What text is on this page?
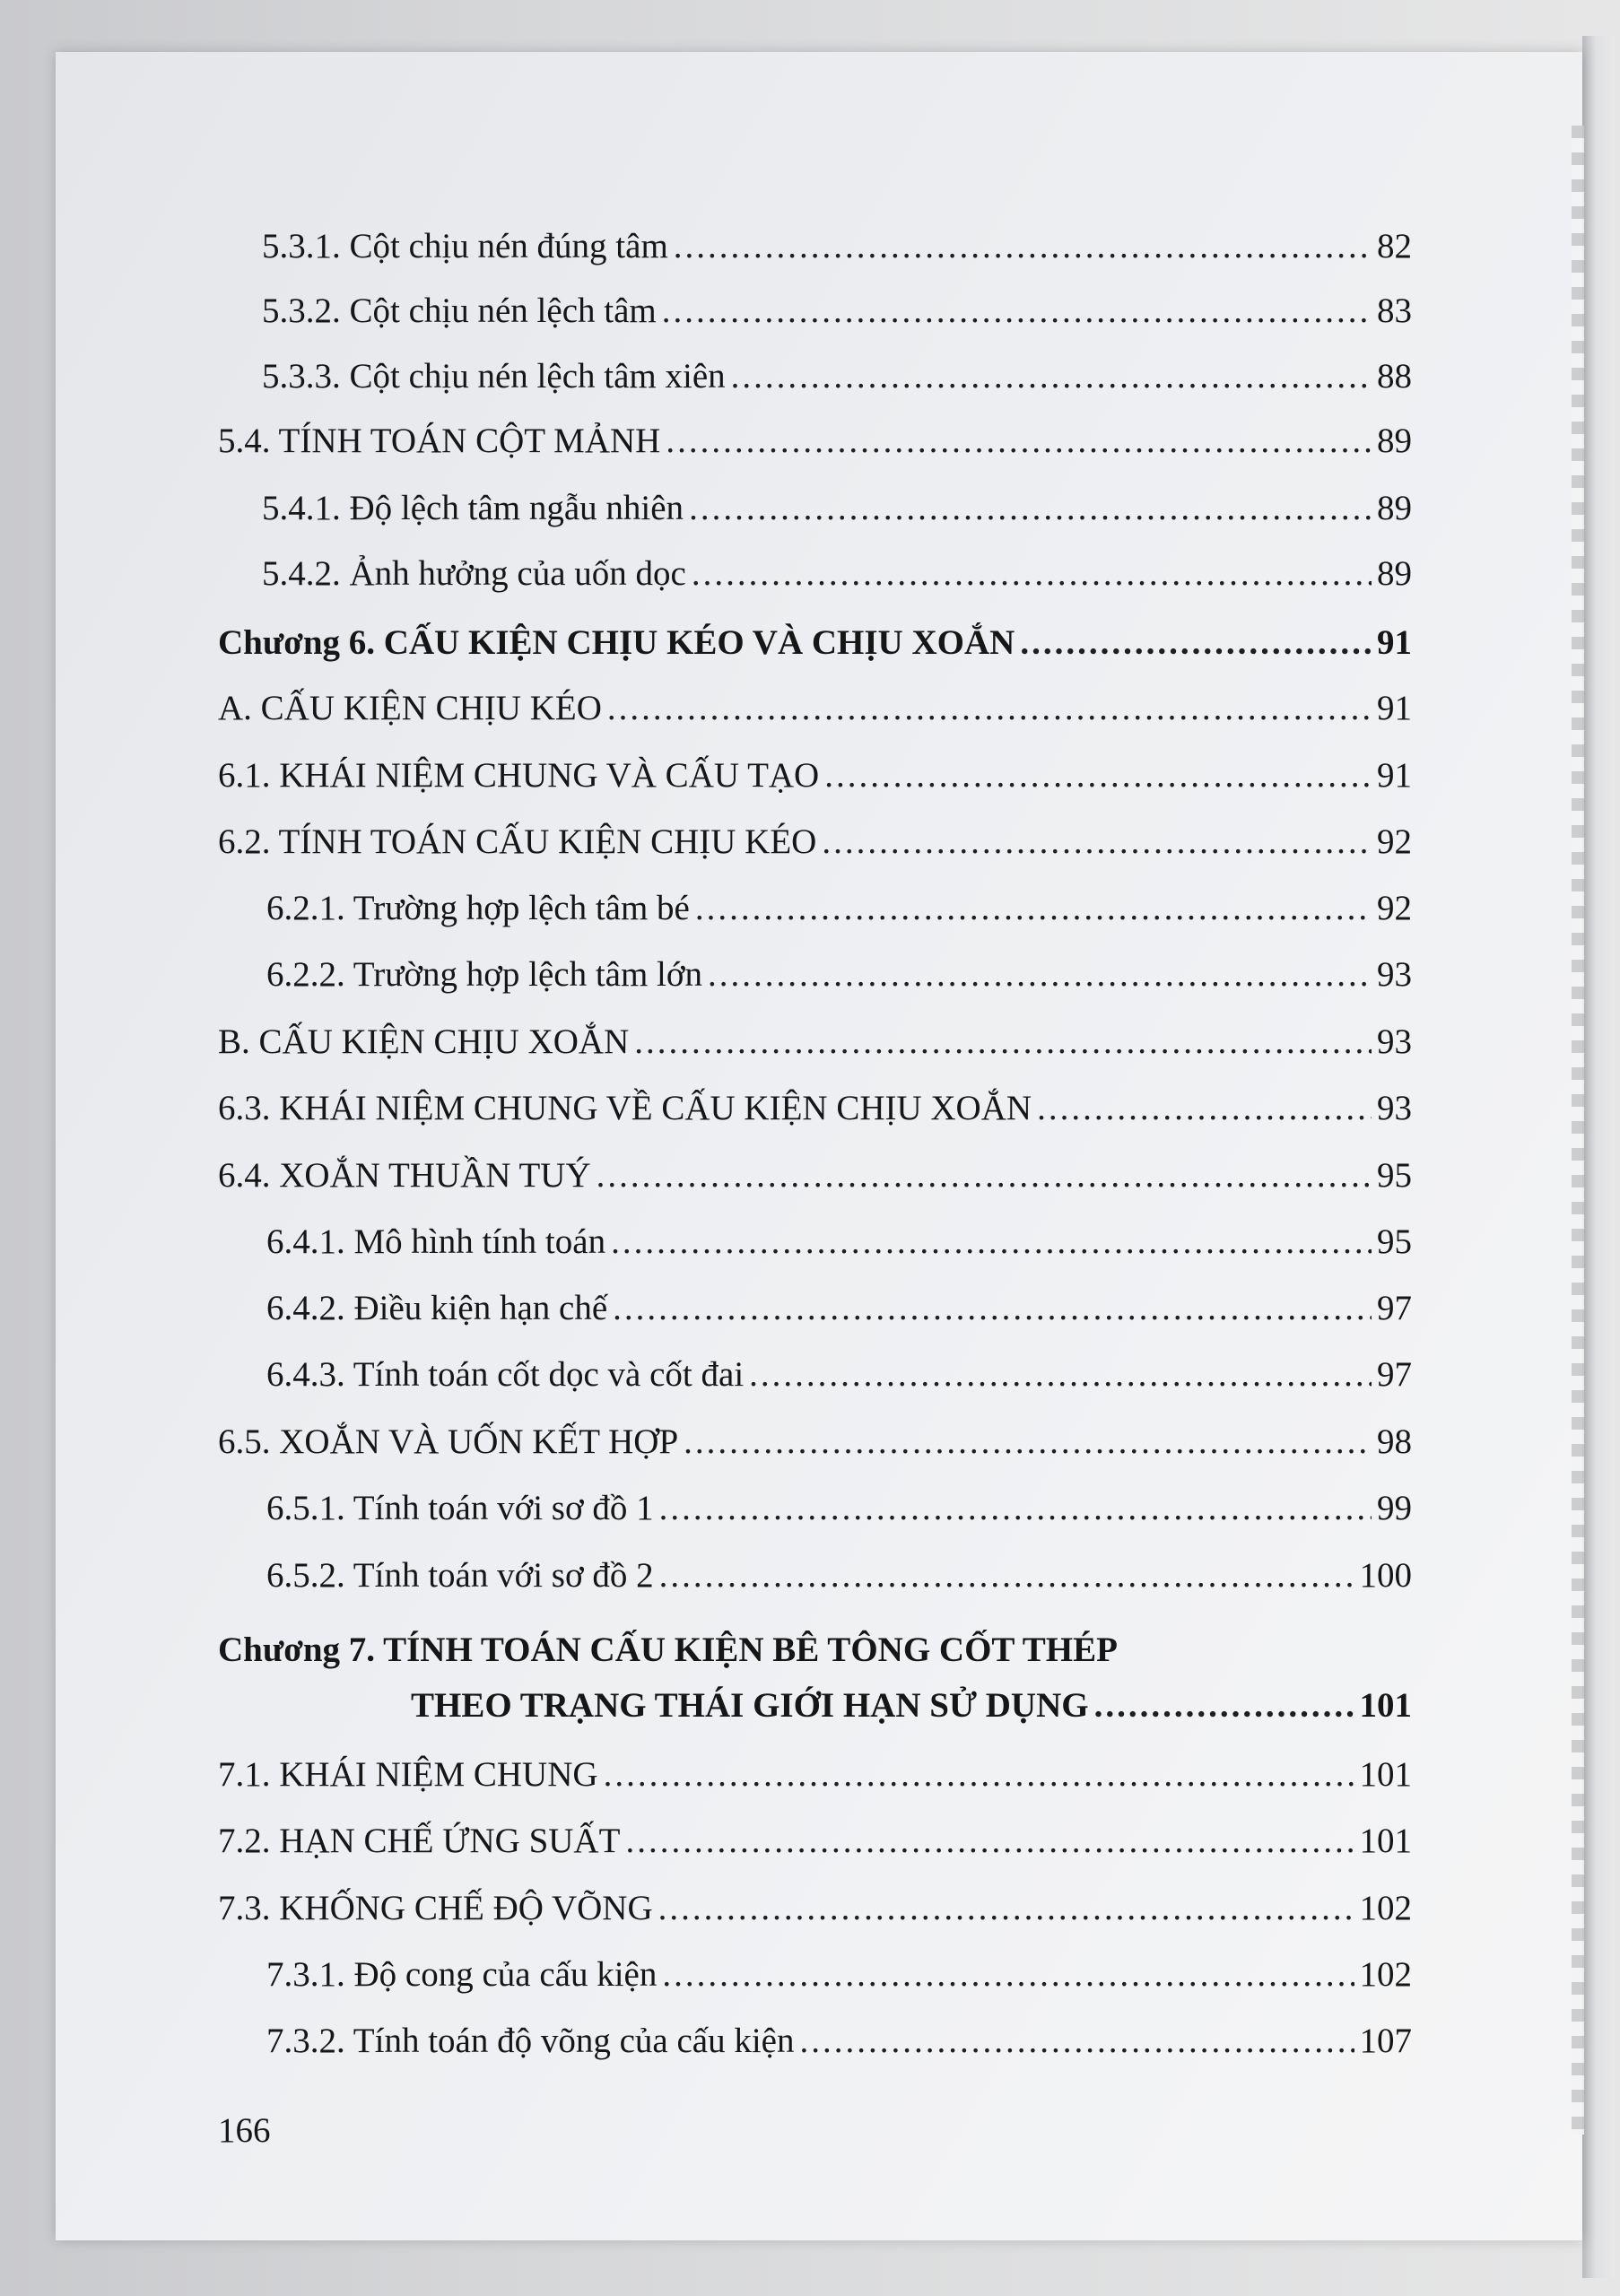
5.3.1. Cột chịu nén đúng tâm .....	82
5.3.2. Cột chịu nén lệch tâm .....	83
5.3.3. Cột chịu nén lệch tâm xiên .....	88
5.4. TÍNH TOÁN CỘT MẢNH .....	89
5.4.1. Độ lệch tâm ngẫu nhiên .....	89
5.4.2. Ảnh hưởng của uốn dọc .....	89
Chương 6. CẤU KIỆN CHỊU KÉO VÀ CHỊU XOẮN .....	91
A. CẤU KIỆN CHỊU KÉO .....	91
6.1. KHÁI NIỆM CHUNG VÀ CẤU TẠO .....	91
6.2. TÍNH TOÁN CẤU KIỆN CHỊU KÉO .....	92
6.2.1. Trường hợp lệch tâm bé .....	92
6.2.2. Trường hợp lệch tâm lớn .....	93
B. CẤU KIỆN CHỊU XOẮN .....	93
6.3. KHÁI NIỆM CHUNG VỀ CẤU KIỆN CHỊU XOẮN .....	93
6.4. XOẮN THUẦN TUÝ .....	95
6.4.1. Mô hình tính toán .....	95
6.4.2. Điều kiện hạn chế .....	97
6.4.3. Tính toán cốt dọc và cốt đai .....	97
6.5. XOẮN VÀ UỐN KẾT HỢP .....	98
6.5.1. Tính toán với sơ đồ 1 .....	99
6.5.2. Tính toán với sơ đồ 2 .....	100
Chương 7. TÍNH TOÁN CẤU KIỆN BÊ TÔNG CỐT THÉP
THEO TRẠNG THÁI GIỚI HẠN SỬ DỤNG .....	101
7.1. KHÁI NIỆM CHUNG .....	101
7.2. HẠN CHẾ ỨNG SUẤT .....	101
7.3. KHỐNG CHẾ ĐỘ VÕNG .....	102
7.3.1. Độ cong của cấu kiện .....	102
7.3.2. Tính toán độ võng của cấu kiện .....	107
166
